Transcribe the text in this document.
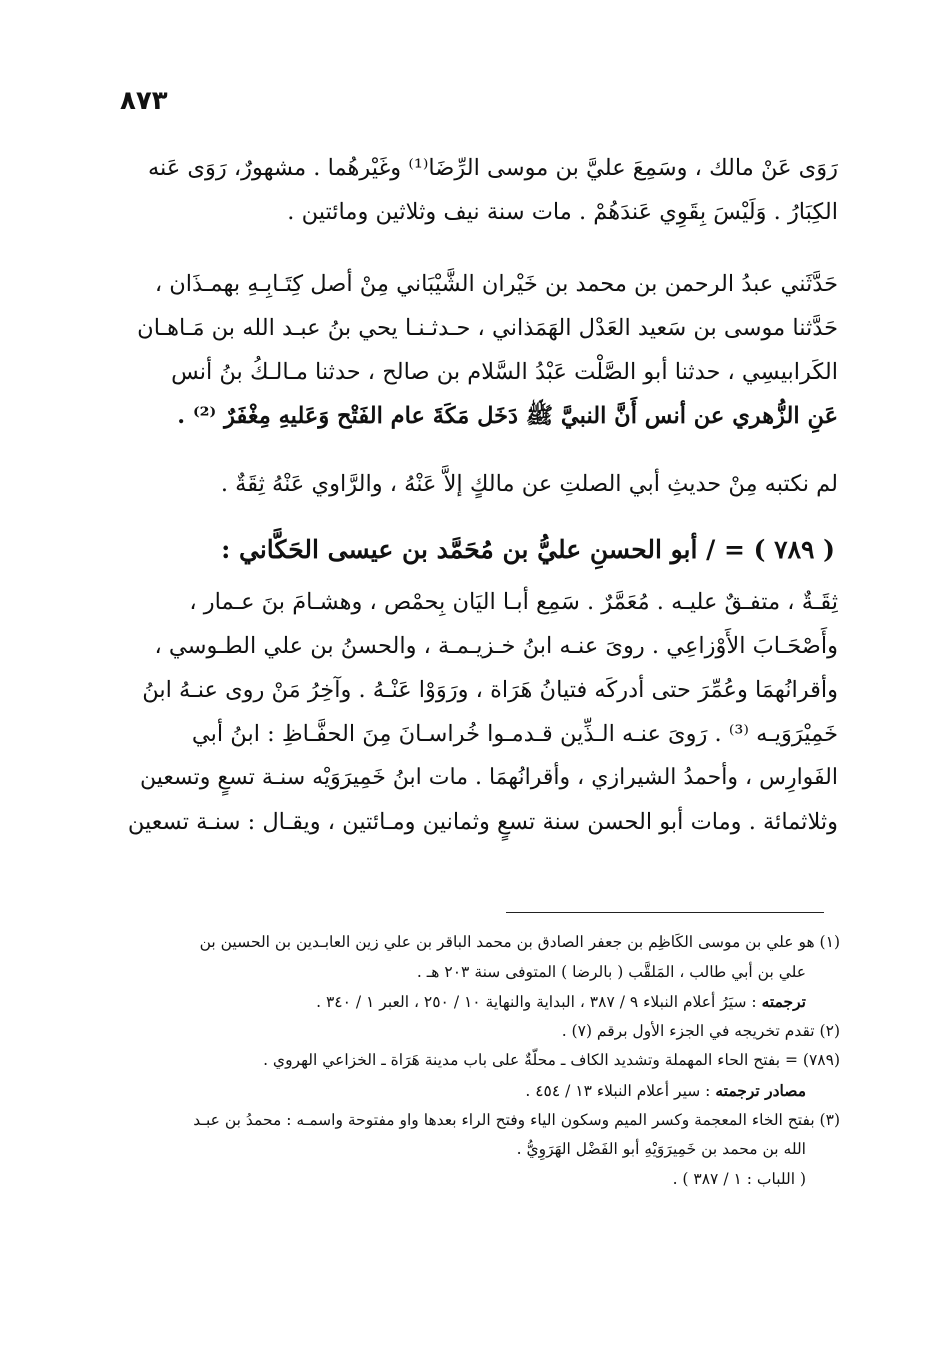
٨٧٣
رَوَى عَنْ مالك ، وسَمِعَ عليَّ بن موسى الرِّضَا⁽¹⁾ وغَيْرهُما . مشهورٌ، رَوَى عَنه
الكِبَارُ . وَلَيْسَ بِقَوِي عَندَهُمْ . مات سنة نيف وثلاثين ومائتين .
حَدَّثَني عبدُ الرحمن بن محمد بن خَيْران الشَّيْبَاني مِنْ أصل كِتَـابِـهِ بهمـذَان ،
حَدَّثنا موسى بن سَعيد العَدْل الهَمَذاني ، حـدثـنـا يحي بنُ عبـد الله بن مَـاهـان
الكَرابيسِي ، حدثنا أبو الصَّلْت عَبْدُ السَّلام بن صالح ، حدثنا مـالـكُ بنُ أنس
عَنِ الزُّهري عن أنس أَنَّ النبيَّ ﷺ دَخَل مَكَةَ عام الفَتْح وَعَليهِ مِغْفَرٌ ⁽²⁾ .
لم نكتبه مِنْ حديثِ أبي الصلتِ عن مالكٍ إلاَّ عَنْهُ ، والرَّاوي عَنْهُ ثِقَةٌ .
( ٧٨٩ ) = / أبو الحسنِ عليُّ بن مُحَمَّد بن عيسى الحَكَّاني :
ثِقَـةٌ ، متفـقٌ عليـه . مُعَمَّرٌ . سَمِع أبـا اليَان بِحمْص ، وهشـامَ بنَ عـمار ،
وأَصْحَـابَ الأَوْزاعِي . روىَ عنـه ابنُ خـزيـمـة ، والحسنُ بن علي الطـوسي ،
وأقرانُهمَا وعُمِّرَ حتى أدركَه فتيانُ هَرَاة ، ورَوَوْا عَنْـهُ . وآخِرُ مَنْ روى عنـهُ ابنُ
خَمِيْرَوَيـه ⁽³⁾ . رَوىَ عنـه الـذِّين قـدمـوا خُراسـانَ مِنَ الحفَّـاظِ : ابنُ أبي
الفَوارِس ، وأحمدُ الشيرازي ، وأقرانُهمَا . مات ابنُ خَمِيرَوَيْه سنـة تسعٍ وتسعين
وثلاثمائة . ومات أبو الحسن سنة تسعٍ وثمانين ومـائتين ، ويقـال : سنـة تسعين
(١) هو علي بن موسى الكَاظِم بن جعفر الصادق بن محمد الباقر بن علي زين العابـدين بن الحسين بن
علي بن أبي طالب ، المَلقَّب ( بالرضا ) المتوفى سنة ٢٠٣ هـ .
ترجمته : سيَرُ أعلام النبلاء ٩ / ٣٨٧ ، البداية والنهاية ١٠ / ٢٥٠ ، العبر ١ / ٣٤٠ .
(٢) تقدم تخريجه في الجزء الأول برقم (٧) .
(٧٨٩) = بفتح الحاء المهملة وتشديد الكاف ـ محلّةٌ على باب مدينة هَرَاة ـ الخزاعي الهروي .
مصادر ترجمته : سير أعلام النبلاء ١٣ / ٤٥٤ .
(٣) بفتح الخاء المعجمة وكسر الميم وسكون الياء وفتح الراء بعدها واو مفتوحة واسمـه : محمدُ بن عبـد
الله بن محمد بن خَمِيرَوَيْهِ أبو الفَضْل الهَرَوِيُّ .
( اللباب : ١ / ٣٨٧ ) .
